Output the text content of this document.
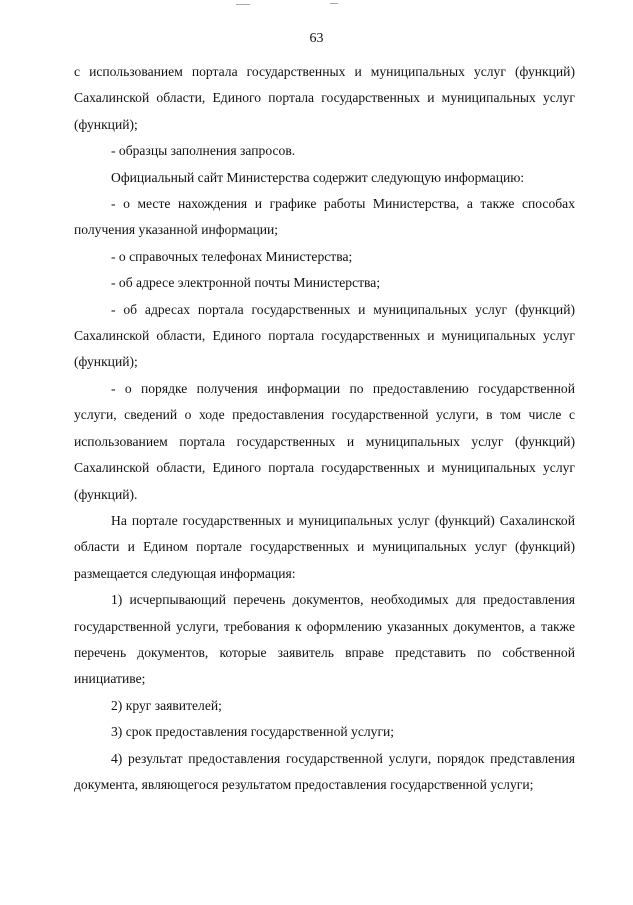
63

с использованием портала государственных и муниципальных услуг (функций) Сахалинской области, Единого портала государственных и муниципальных услуг (функций);

- образцы заполнения запросов.

Официальный сайт Министерства содержит следующую информацию:

- о месте нахождения и графике работы Министерства, а также способах получения указанной информации;

- о справочных телефонах Министерства;

- об адресе электронной почты Министерства;

- об адресах портала государственных и муниципальных услуг (функций) Сахалинской области, Единого портала государственных и муниципальных услуг (функций);

- о порядке получения информации по предоставлению государственной услуги, сведений о ходе предоставления государственной услуги, в том числе с использованием портала государственных и муниципальных услуг (функций) Сахалинской области, Единого портала государственных и муниципальных услуг (функций).

На портале государственных и муниципальных услуг (функций) Сахалинской области и Едином портале государственных и муниципальных услуг (функций) размещается следующая информация:

1) исчерпывающий перечень документов, необходимых для предоставления государственной услуги, требования к оформлению указанных документов, а также перечень документов, которые заявитель вправе представить по собственной инициативе;

2) круг заявителей;

3) срок предоставления государственной услуги;

4) результат предоставления государственной услуги, порядок представления документа, являющегося результатом предоставления государственной услуги;
